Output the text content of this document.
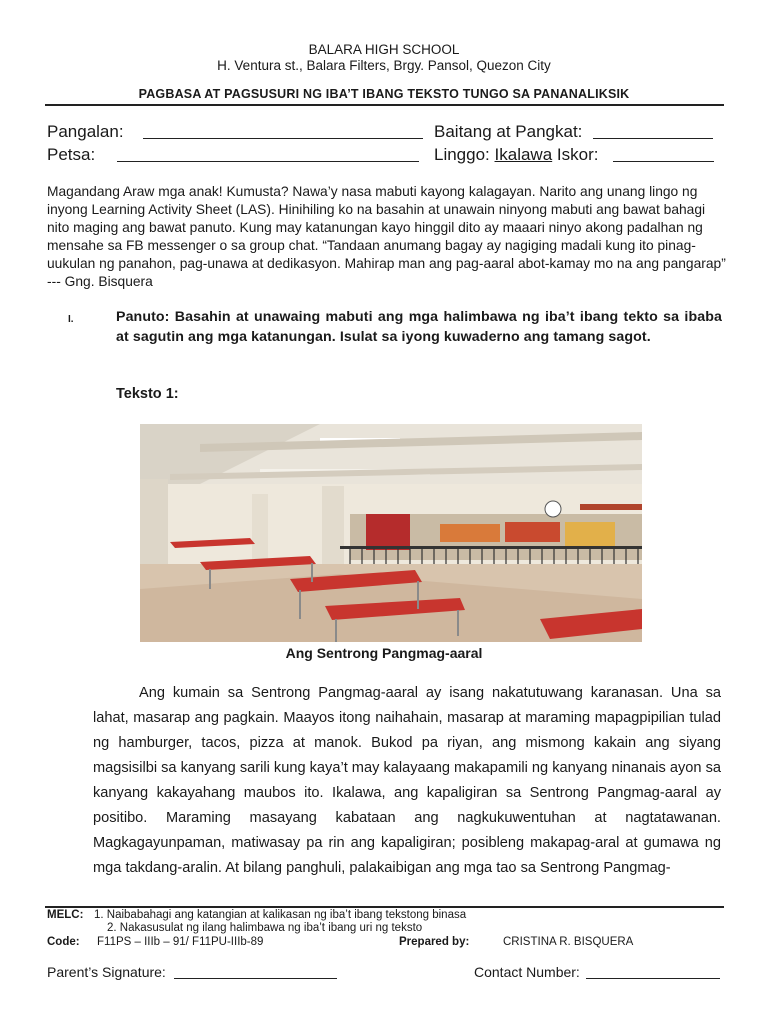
BALARA HIGH SCHOOL
H. Ventura st., Balara Filters, Brgy. Pansol, Quezon City
PAGBASA AT PAGSUSURI NG IBA’T IBANG TEKSTO TUNGO SA PANANALIKSIK
Pangalan:	Baitang at Pangkat:
Petsa:	Linggo: Ikalawa Iskor:
Magandang Araw mga anak! Kumusta? Nawa’y nasa mabuti kayong kalagayan. Narito ang unang lingo ng inyong Learning Activity Sheet (LAS). Hinihiling ko na basahin at unawain ninyong mabuti ang bawat bahagi nito maging ang bawat panuto. Kung may katanungan kayo hinggil dito ay maaari ninyo akong padalhan ng mensahe sa FB messenger o sa group chat. “Tandaan anumang bagay ay nagiging madali kung ito pinag-uukulan ng panahon, pag-unawa at dedikasyon. Mahirap man ang pag-aaral abot-kamay mo na ang pangarap” --- Gng. Bisquera
I.	Panuto: Basahin at unawaing mabuti ang mga halimbawa ng iba’t ibang tekto sa ibaba at sagutin ang mga katanungan. Isulat sa iyong kuwaderno ang tamang sagot.
Teksto 1:
Ang Sentrong Pangmag-aaral
Ang kumain sa Sentrong Pangmag-aaral ay isang nakatutuwang karanasan. Una sa lahat, masarap ang pagkain. Maayos itong naihahain, masarap at maraming mapagpipilian tulad ng hamburger, tacos, pizza at manok. Bukod pa riyan, ang mismong kakain ang siyang magsisilbi sa kanyang sarili kung kaya’t may kalayaang makapamili ng kanyang ninanais ayon sa kanyang kakayahang maubos ito. Ikalawa, ang kapaligiran sa Sentrong Pangmag-aaral ay positibo. Maraming masayang kabataan ang nagkukuwentuhan at nagtatawanan. Magkagayunpaman, matiwasay pa rin ang kapaligiran; posibleng makapag-aral at gumawa ng mga takdang-aralin. At bilang panghuli, palakaibigan ang mga tao sa Sentrong Pangmag-
MELC: 1. Naibabahagi ang katangian at kalikasan ng iba’t ibang tekstong binasa
2. Nakasusulat ng ilang halimbawa ng iba’t ibang uri ng teksto
Code: F11PS – IIIb – 91/ F11PU-IIIb-89	Prepared by:	CRISTINA R. BISQUERA
Parent’s Signature:	Contact Number:
